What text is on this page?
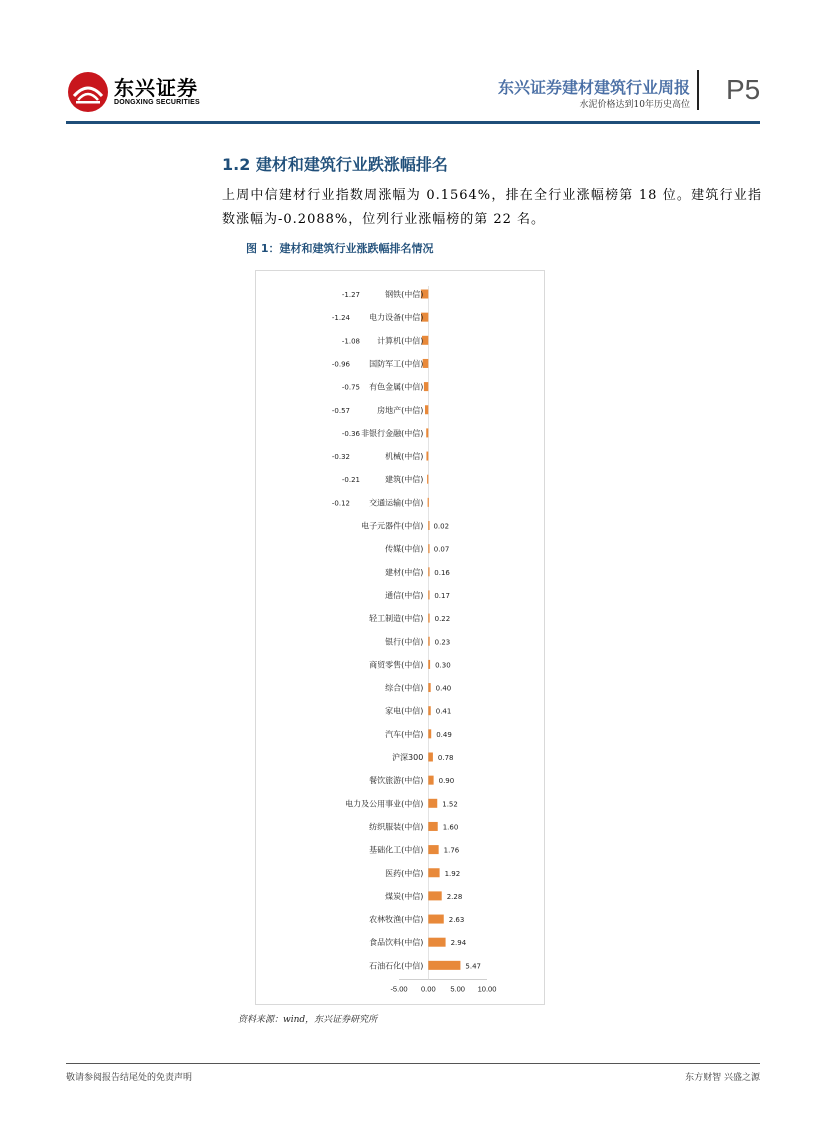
东兴证券
DONGXING SECURITIES
东兴证券建材建筑行业周报
水泥价格达到10年历史高位 P5
1.2 建材和建筑行业跌涨幅排名
上周中信建材行业指数周涨幅为 0.1564%，排在全行业涨幅榜第 18 位。建筑行业指数涨幅为-0.2088%，位列行业涨幅榜的第 22 名。
图 1：建材和建筑行业涨跌幅排名情况
钢铁(中信)
-1.27
电力设备(中信)
-1.24
计算机(中信)
-1.08
国防军工(中信)
-0.96
有色金属(中信)
-0.75
房地产(中信)
-0.57
非银行金融(中信)
-0.36
机械(中信)
-0.32
建筑(中信)
-0.21
交通运输(中信)
-0.12
电子元器件(中信) 0.02
传媒(中信) 0.07
建材(中信) 0.16
通信(中信) 0.17
轻工制造(中信) 0.22
银行(中信) 0.23
商贸零售(中信) 0.30
综合(中信) 0.40
家电(中信) 0.41
汽车(中信) 0.49
沪深300 0.78
餐饮旅游(中信) 0.90
电力及公用事业(中信)	1.52
纺织服装(中信)	1.60
基础化工(中信)	1.76
医药(中信)	1.92
煤炭(中信)	2.28
农林牧渔(中信)	2.63
食品饮料(中信)	2.94
石油石化(中信)	5.47
-5.00 0.00 5.00 10.00
资料来源：wind，东兴证券研究所
敬请参阅报告结尾处的免责声明	东方财智 兴盛之源
